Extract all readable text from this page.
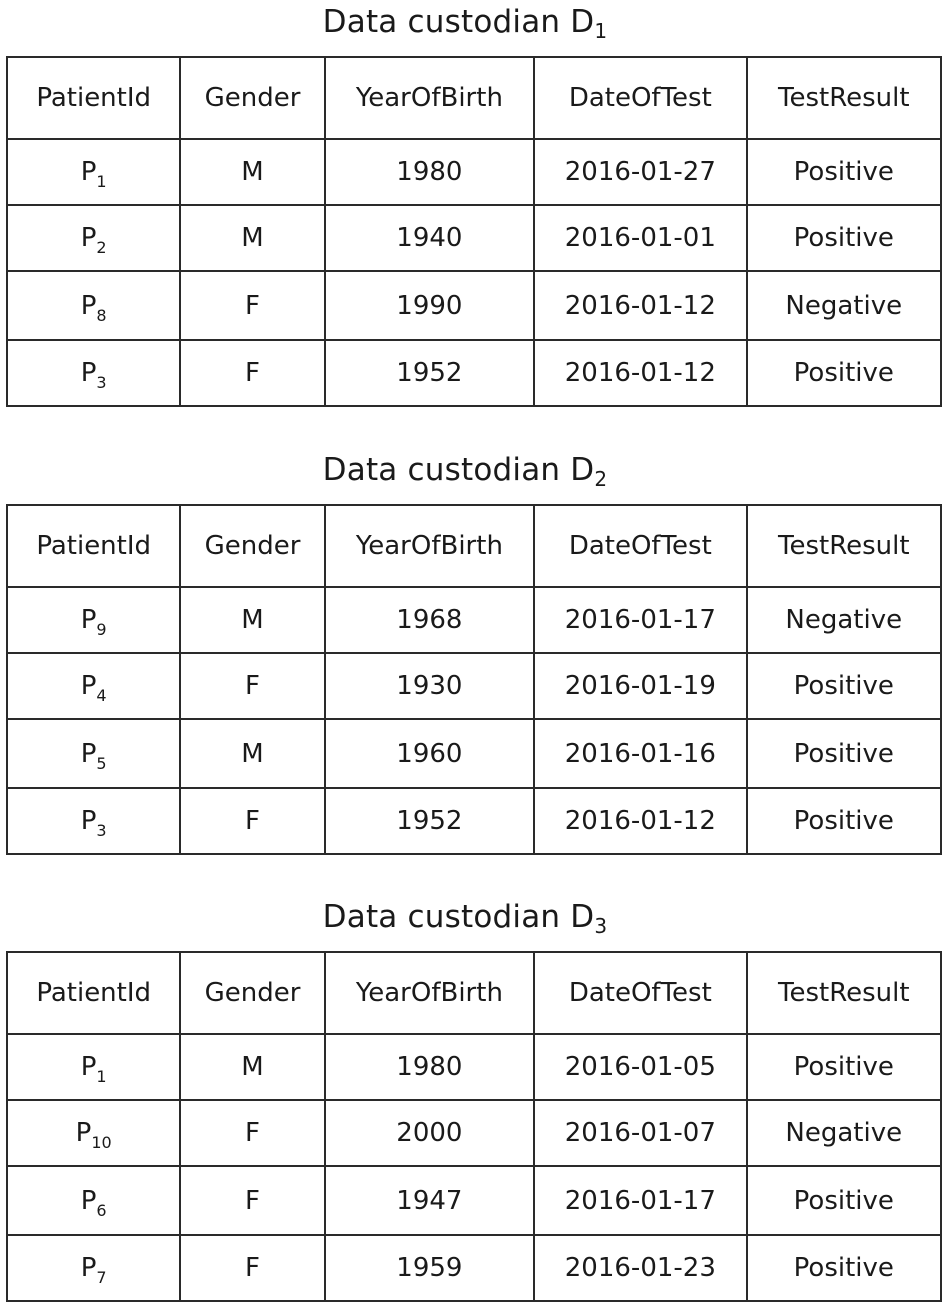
Data custodian $D_1$
PatientId	Gender	YearOfBirth	DateOfTest	TestResult
$P_1$	M	1980	2016-01-27	Positive
$P_2$	M	1940	2016-01-01	Positive
$P_8$	F	1990	2016-01-12	Negative
$P_3$	F	1952	2016-01-12	Positive
Data custodian $D_2$
PatientId	Gender	YearOfBirth	DateOfTest	TestResult
$P_9$	M	1968	2016-01-17	Negative
$P_4$	F	1930	2016-01-19	Positive
$P_5$	M	1960	2016-01-16	Positive
$P_3$	F	1952	2016-01-12	Positive
Data custodian $D_3$
PatientId	Gender	YearOfBirth	DateOfTest	TestResult
$P_1$	M	1980	2016-01-05	Positive
$P_{10}$	F	2000	2016-01-07	Negative
$P_6$	F	1947	2016-01-17	Positive
$P_7$	F	1959	2016-01-23	Positive
